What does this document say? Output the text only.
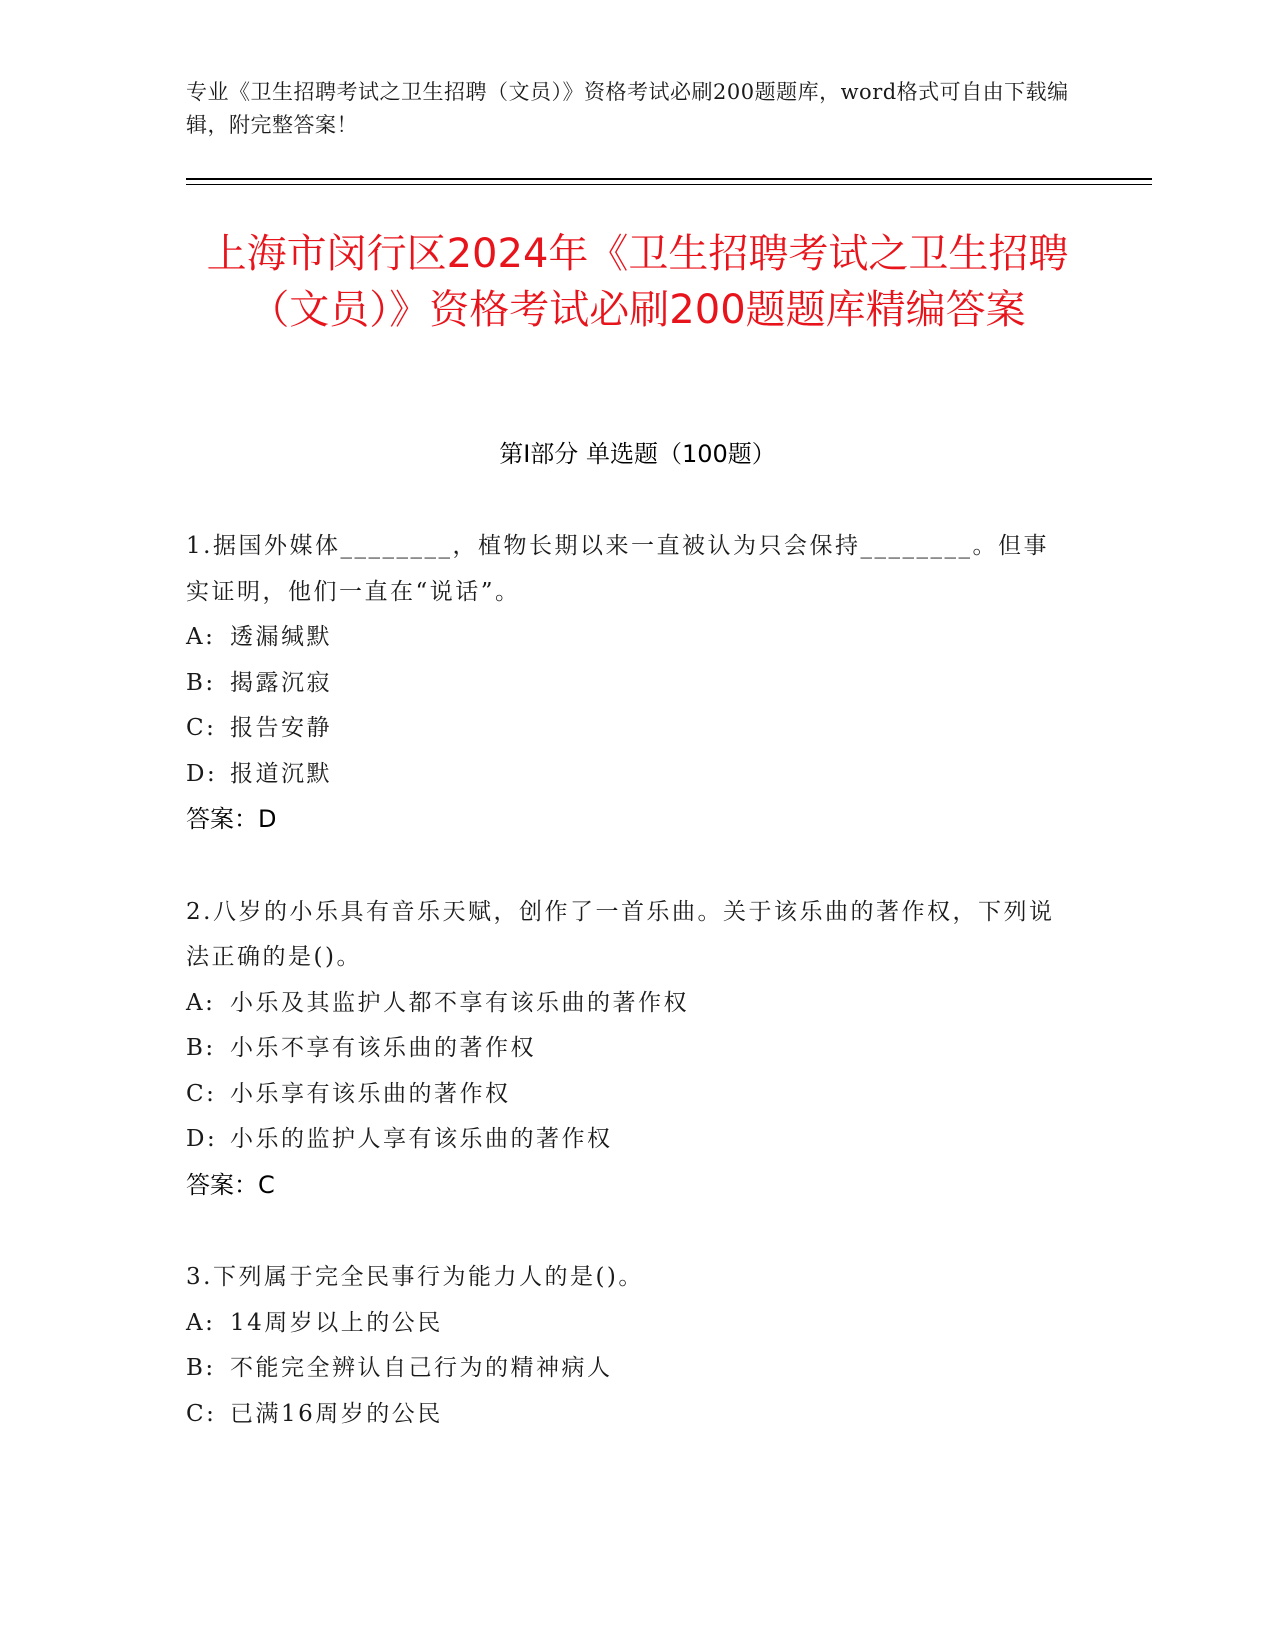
专业《卫生招聘考试之卫生招聘（文员）》资格考试必刷200题题库，word格式可自由下载编辑，附完整答案！
上海市闵行区2024年《卫生招聘考试之卫生招聘（文员）》资格考试必刷200题题库精编答案
第Ⅰ部分 单选题（100题）
1.据国外媒体________，植物长期以来一直被认为只会保持________。但事实证明，他们一直在“说话”。
A: 透漏缄默
B: 揭露沉寂
C: 报告安静
D: 报道沉默
答案：D
2.八岁的小乐具有音乐天赋，创作了一首乐曲。关于该乐曲的著作权，下列说法正确的是()。
A: 小乐及其监护人都不享有该乐曲的著作权
B: 小乐不享有该乐曲的著作权
C: 小乐享有该乐曲的著作权
D: 小乐的监护人享有该乐曲的著作权
答案：C
3.下列属于完全民事行为能力人的是()。
A: 14周岁以上的公民
B: 不能完全辨认自己行为的精神病人
C: 已满16周岁的公民
